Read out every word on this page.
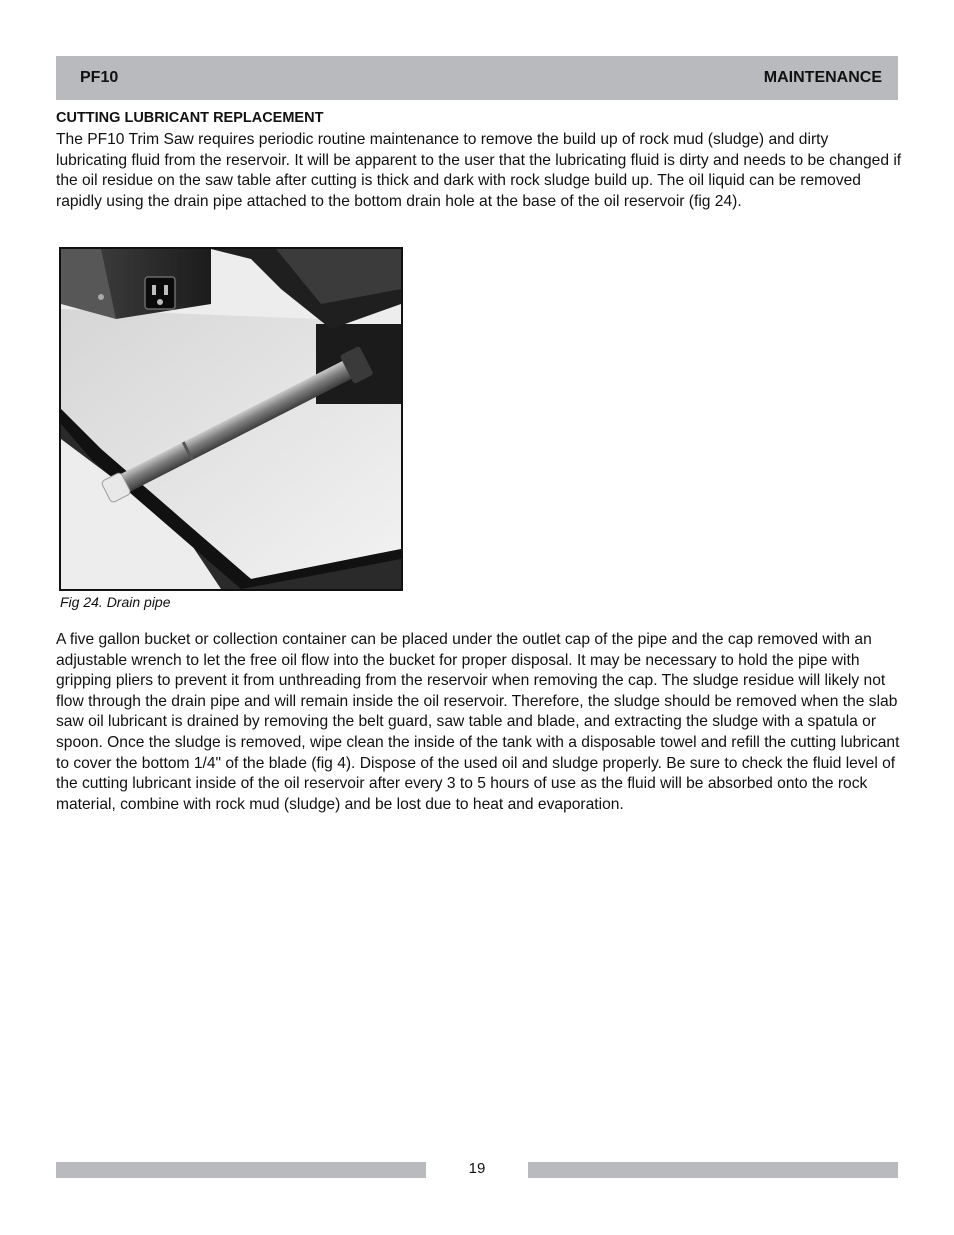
PF10	MAINTENANCE
CUTTING LUBRICANT REPLACEMENT

The PF10 Trim Saw requires periodic routine maintenance to remove the build up of rock mud (sludge) and dirty lubricating fluid from the reservoir. It will be apparent to the user that the lubricating fluid is dirty and needs to be changed if the oil residue on the saw table after cutting is thick and dark with rock sludge build up. The oil liquid can be removed rapidly using the drain pipe attached to the bottom drain hole at the base of the oil reservoir (fig 24).

Fig 24. Drain pipe

A five gallon bucket or collection container can be placed under the outlet cap of the pipe and the cap removed with an adjustable wrench to let the free oil flow into the bucket for proper disposal. It may be necessary to hold the pipe with gripping pliers to prevent it from unthreading from the reservoir when removing the cap. The sludge residue will likely not flow through the drain pipe and will remain inside the oil reservoir. Therefore, the sludge should be removed when the slab saw oil lubricant is drained by removing the belt guard, saw table and blade, and extracting the sludge with a spatula or spoon. Once the sludge is removed, wipe clean the inside of the tank with a disposable towel and refill the cutting lubricant to cover the bottom 1/4" of the blade (fig 4). Dispose of the used oil and sludge properly. Be sure to check the fluid level of the cutting lubricant inside of the oil reservoir after every 3 to 5 hours of use as the fluid will be absorbed onto the rock material, combine with rock mud (sludge) and be lost due to heat and evaporation.

19
